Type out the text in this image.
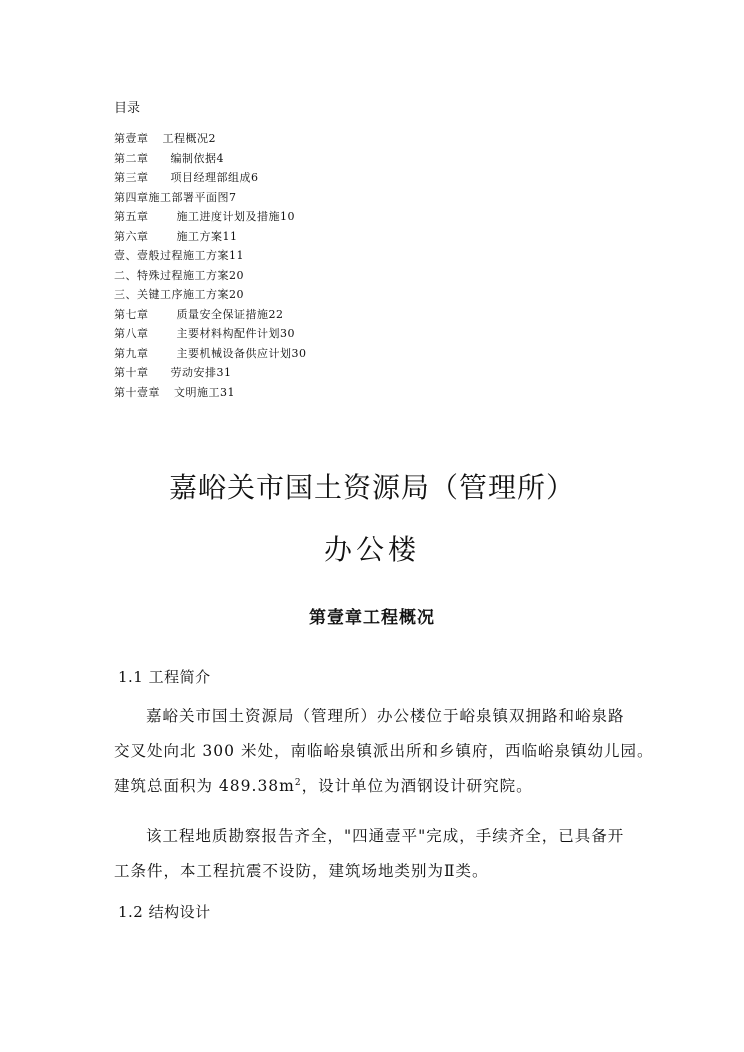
目录
第壹章 工程概况2
第二章 编制依据4
第三章 项目经理部组成6
第四章施工部署平面图7
第五章	施工进度计划及措施10
第六章	施工方案11
壹、壹般过程施工方案11
二、特殊过程施工方案20
三、关键工序施工方案20
第七章	质量安全保证措施22
第八章	主要材料构配件计划30
第九章	主要机械设备供应计划30
第十章 劳动安排31
第十壹章 文明施工31
嘉峪关市国土资源局（管理所）
办公楼
第壹章工程概况
1.1 工程简介

嘉峪关市国土资源局（管理所）办公楼位于峪泉镇双拥路和峪泉路
交叉处向北 300 米处，南临峪泉镇派出所和乡镇府，西临峪泉镇幼儿园。
建筑总面积为 $489.38m^2$，设计单位为酒钢设计研究院。

该工程地质勘察报告齐全，"四通壹平"完成，手续齐全，已具备开
工条件，本工程抗震不设防，建筑场地类别为Ⅱ类。

1.2 结构设计
